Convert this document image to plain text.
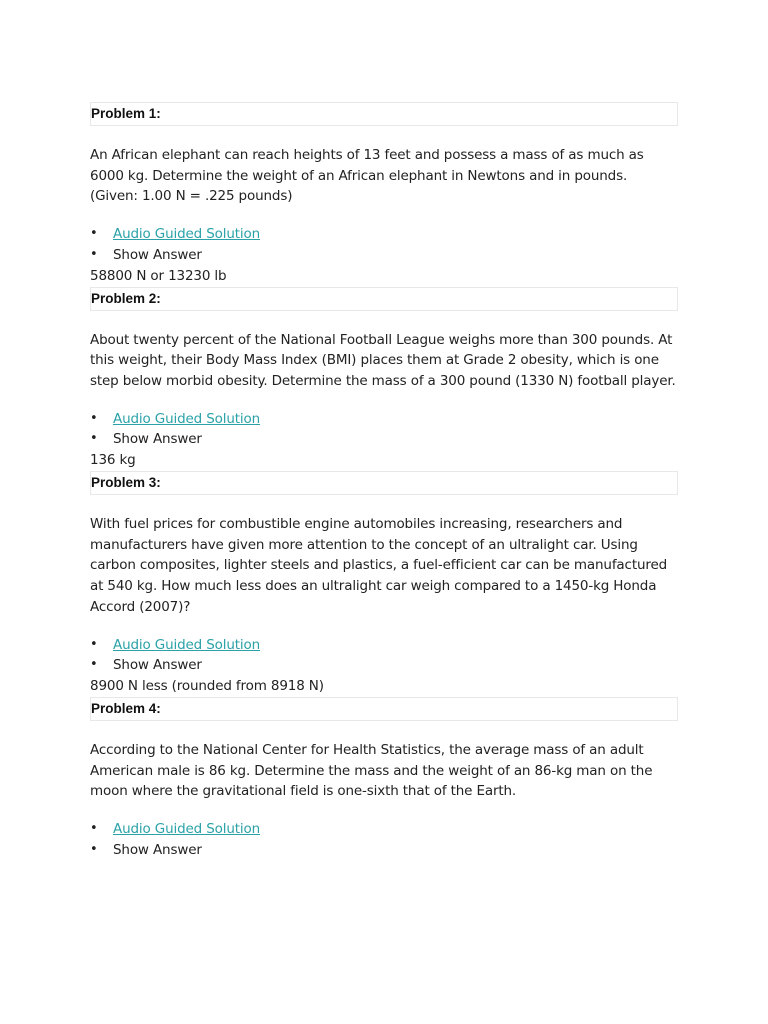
Problem 1:

An African elephant can reach heights of 13 feet and possess a mass of as much as 6000 kg. Determine the weight of an African elephant in Newtons and in pounds. (Given: 1.00 N = .225 pounds)

• Audio Guided Solution
• Show Answer
58800 N or 13230 lb
Problem 2:

About twenty percent of the National Football League weighs more than 300 pounds. At this weight, their Body Mass Index (BMI) places them at Grade 2 obesity, which is one step below morbid obesity. Determine the mass of a 300 pound (1330 N) football player.

• Audio Guided Solution
• Show Answer
136 kg
Problem 3:

With fuel prices for combustible engine automobiles increasing, researchers and manufacturers have given more attention to the concept of an ultralight car. Using carbon composites, lighter steels and plastics, a fuel-efficient car can be manufactured at 540 kg. How much less does an ultralight car weigh compared to a 1450-kg Honda Accord (2007)?

• Audio Guided Solution
• Show Answer
8900 N less (rounded from 8918 N)
Problem 4:

According to the National Center for Health Statistics, the average mass of an adult American male is 86 kg. Determine the mass and the weight of an 86-kg man on the moon where the gravitational field is one-sixth that of the Earth.

• Audio Guided Solution
• Show Answer
